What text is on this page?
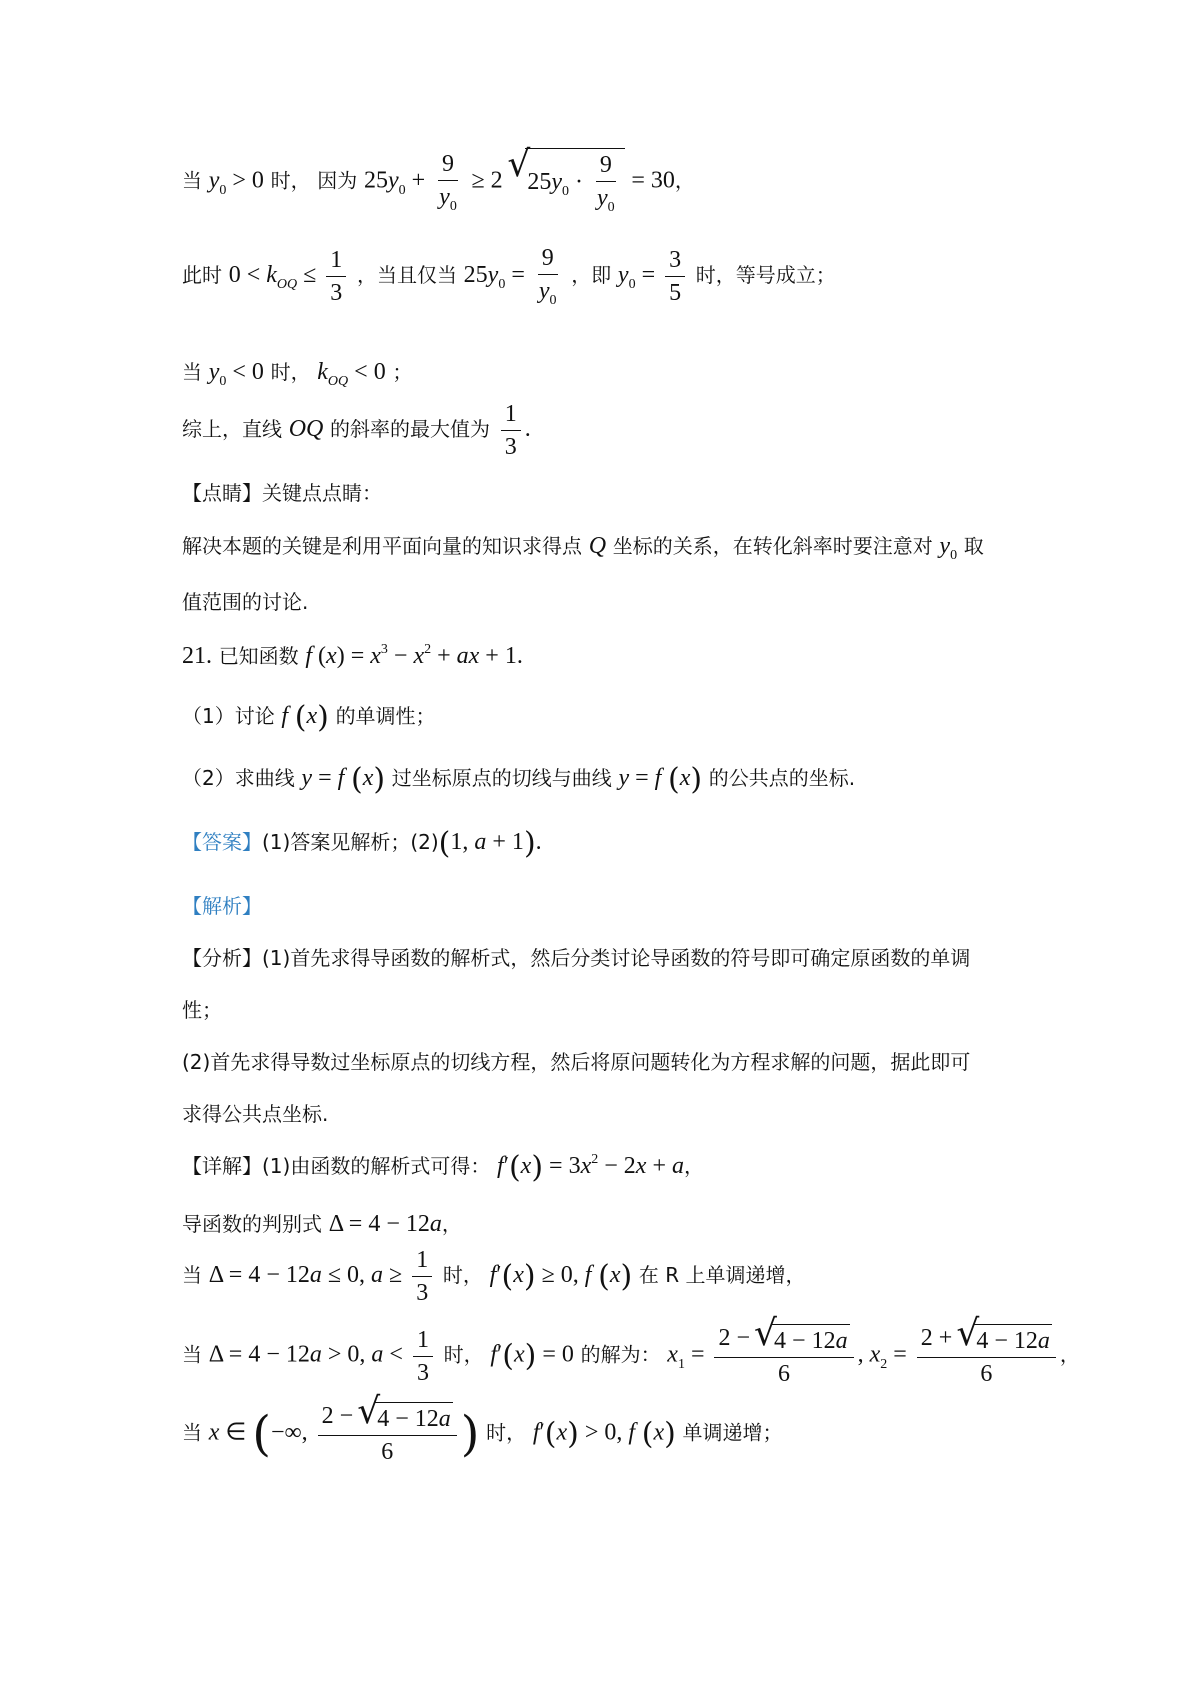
当 $y_0 > 0$ 时， 因为 $25y_0 + \frac{9}{y_0} \ge 2$ √ $25y_0 \cdot \frac{9}{y_0} = 30$，
此时 $0 < k_{OQ} \le \frac{1}{3}$ ，当且仅当 $25y_0 = \frac{9}{y_0}$ ，即 $y_0 = \frac{3}{5}$ 时，等号成立；
当 $y_0 < 0$ 时， $k_{OQ} < 0$ ；
综上，直线 OQ 的斜率的最大值为 $\frac{1}{3}$ .
【点睛】关键点点睛：
解决本题的关键是利用平面向量的知识求得点 Q 坐标的关系，在转化斜率时要注意对 $y_0$ 取
值范围的讨论.
21. 已知函数 f $(x) = x^3 - x^2$ + ax + 1.
（1）讨论 f (x) 的单调性；
（2）求曲线 y = f (x) 过坐标原点的切线与曲线 y = f (x) 的公共点的坐标.
【答案】(1)答案见解析；(2)(1, a + 1).
【解析】
【分析】(1)首先求得导函数的解析式，然后分类讨论导函数的符号即可确定原函数的单调
性；
(2)首先求得导数过坐标原点的切线方程，然后将原问题转化为方程求解的问题，据此即可
求得公共点坐标.
【详解】(1)由函数的解析式可得： $f'(x) = 3x^2 - 2x + a$，
导函数的判别式 Δ = 4 − 12a，
当 Δ = 4 − 12a ≤ 0, $a \ge \frac{1}{3}$ 时， f′(x) ≥ 0, f (x) 在 R 上单调递增，
当 Δ = 4 − 12a > 0, $a < \frac{1}{3}$ 时， f′(x) = 0 的解为： $x_1 = \frac{2 - √ 4 - 12a}{6}$ , $x_2 = \frac{2 + √ 4 - 12a}{6}$ ，
当 x ∈ (−∞, $\frac{2 - √ 4 - 12a}{6}$ ) 时， f′(x) > 0, f (x) 单调递增；
